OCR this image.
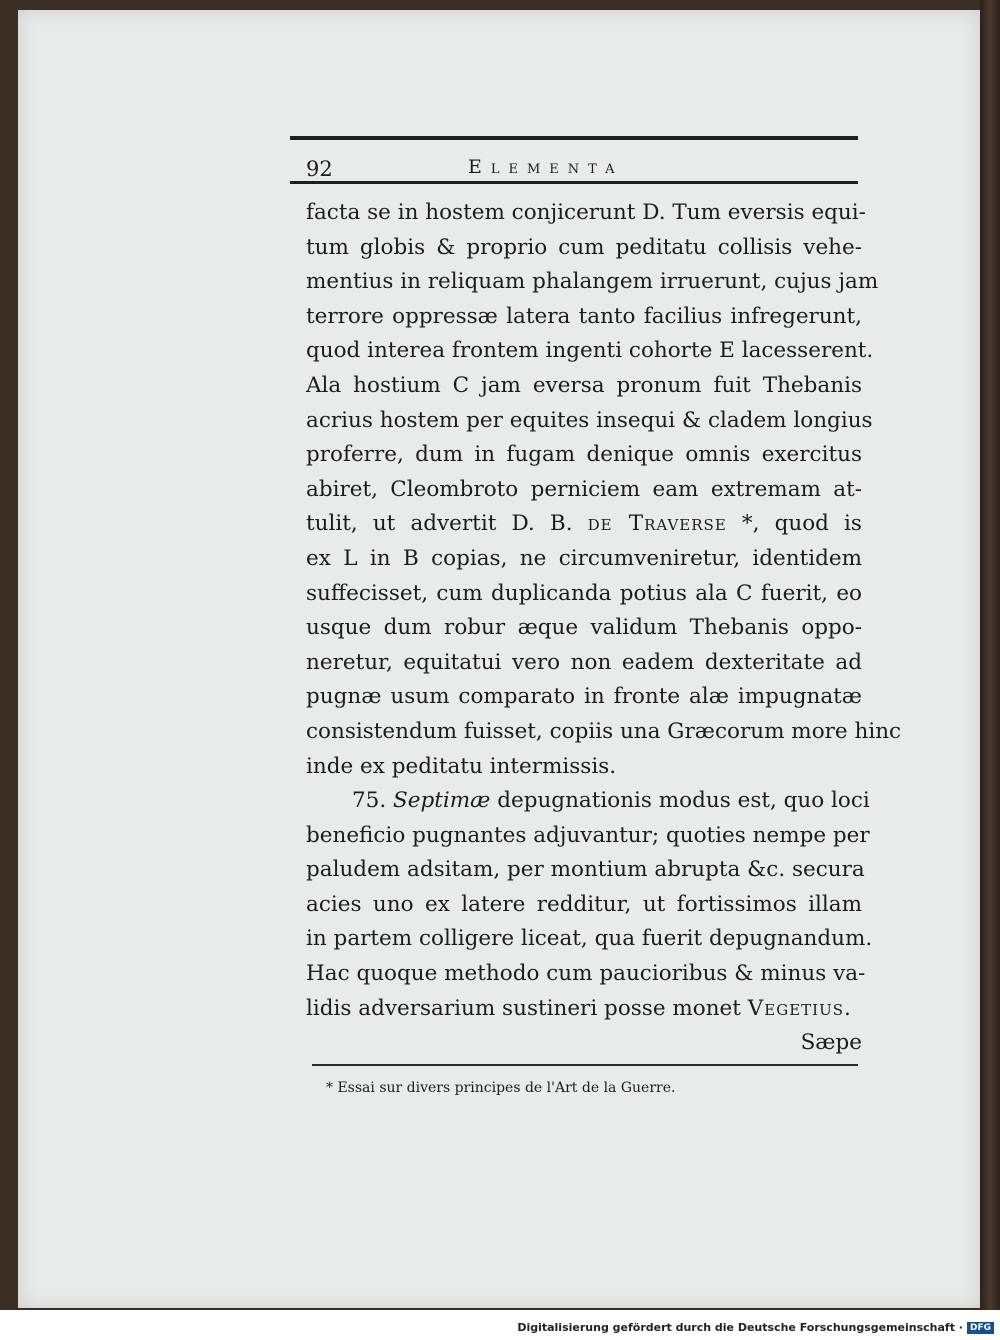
92	Elementa
facta se in hostem conjicerunt D. Tum eversis equi-
tum globis & proprio cum peditatu collisis vehe-
mentius in reliquam phalangem irruerunt, cujus jam
terrore oppressæ latera tanto facilius infregerunt,
quod interea frontem ingenti cohorte E lacesserent.
Ala hostium C jam eversa pronum fuit Thebanis
acrius hostem per equites insequi & cladem longius
proferre, dum in fugam denique omnis exercitus
abiret, Cleombroto perniciem eam extremam at-
tulit, ut advertit D. B. de Traverse *, quod is
ex L in B copias, ne circumveniretur, identidem
suffecisset, cum duplicanda potius ala C fuerit, eo
usque dum robur æque validum Thebanis oppo-
neretur, equitatui vero non eadem dexteritate ad
pugnæ usum comparato in fronte alæ impugnatæ
consistendum fuisset, copiis una Græcorum more hinc
inde ex peditatu intermissis.
75. Septimæ depugnationis modus est, quo loci
beneficio pugnantes adjuvantur; quoties nempe per
paludem adsitam, per montium abrupta &c. secura
acies uno ex latere redditur, ut fortissimos illam
in partem colligere liceat, qua fuerit depugnandum.
Hac quoque methodo cum paucioribus & minus va-
lidis adversarium sustineri posse monet Vegetius.
Sæpe
* Essai sur divers principes de l'Art de la Guerre.
Digitalisierung gefördert durch die Deutsche Forschungsgemeinschaft · DFG
